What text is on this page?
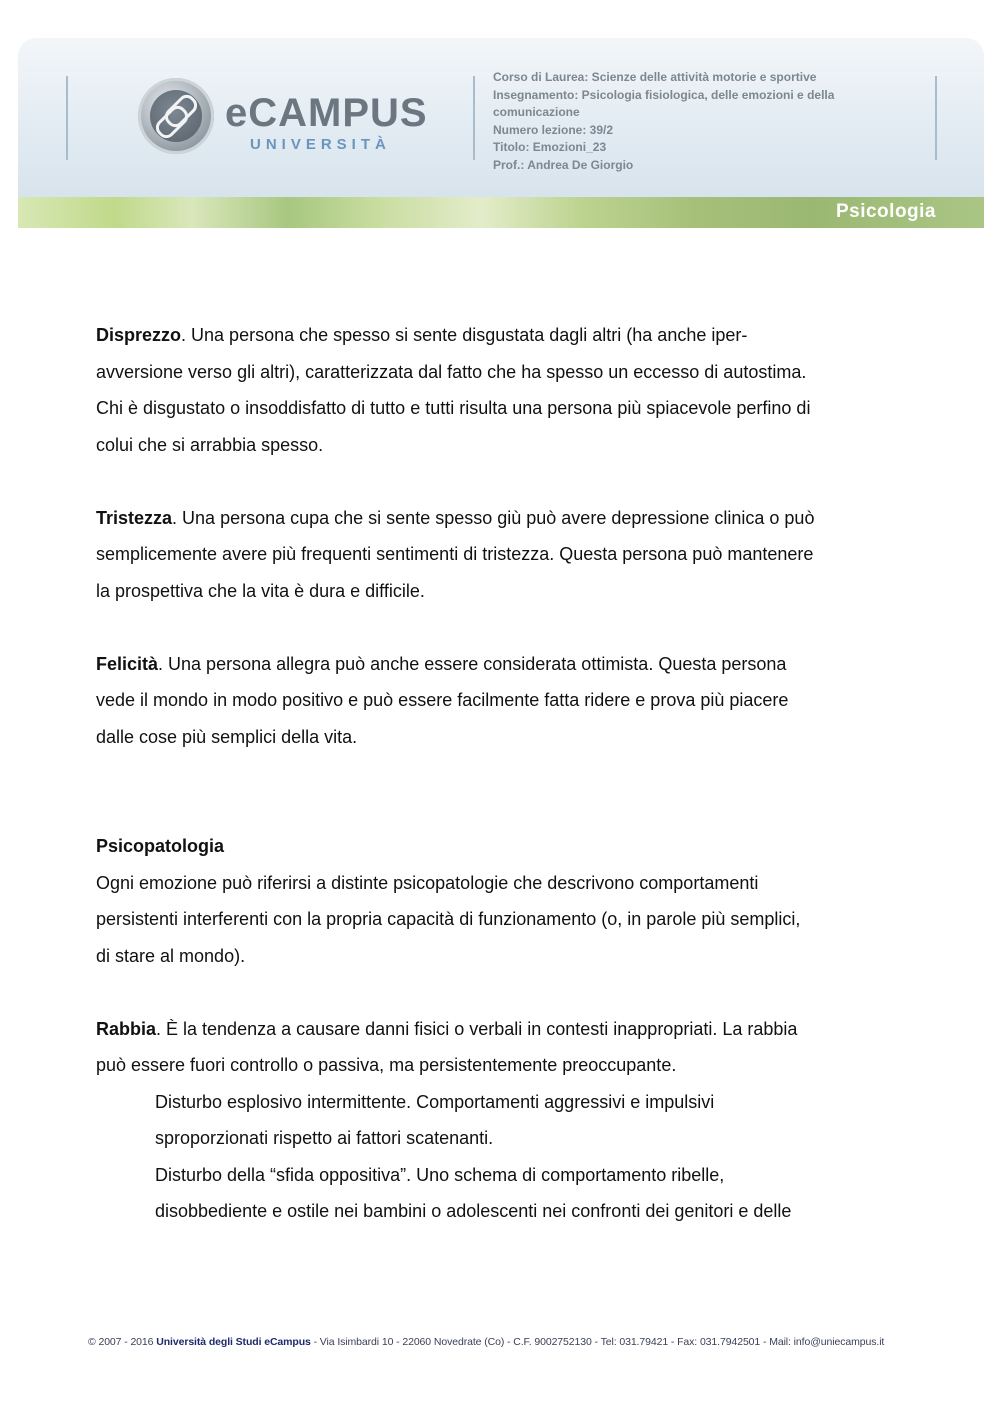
eCAMPUS
UNIVERSITÀ
Corso di Laurea: Scienze delle attività motorie e sportive
Insegnamento: Psicologia fisiologica, delle emozioni e della
comunicazione
Numero lezione: 39/2
Titolo: Emozioni_23
Prof.: Andrea De Giorgio
Psicologia

Disprezzo. Una persona che spesso si sente disgustata dagli altri (ha anche iper-
avversione verso gli altri), caratterizzata dal fatto che ha spesso un eccesso di autostima.
Chi è disgustato o insoddisfatto di tutto e tutti risulta una persona più spiacevole perfino di
colui che si arrabbia spesso.

Tristezza. Una persona cupa che si sente spesso giù può avere depressione clinica o può
semplicemente avere più frequenti sentimenti di tristezza. Questa persona può mantenere
la prospettiva che la vita è dura e difficile.

Felicità. Una persona allegra può anche essere considerata ottimista. Questa persona
vede il mondo in modo positivo e può essere facilmente fatta ridere e prova più piacere
dalle cose più semplici della vita.

Psicopatologia
Ogni emozione può riferirsi a distinte psicopatologie che descrivono comportamenti
persistenti interferenti con la propria capacità di funzionamento (o, in parole più semplici,
di stare al mondo).

Rabbia. È la tendenza a causare danni fisici o verbali in contesti inappropriati. La rabbia
può essere fuori controllo o passiva, ma persistentemente preoccupante.

Disturbo esplosivo intermittente. Comportamenti aggressivi e impulsivi
sproporzionati rispetto ai fattori scatenanti.
Disturbo della “sfida oppositiva”. Uno schema di comportamento ribelle,
disobbediente e ostile nei bambini o adolescenti nei confronti dei genitori e delle
© 2007 - 2016 Università degli Studi eCampus - Via Isimbardi 10 - 22060 Novedrate (Co) - C.F. 9002752130 - Tel: 031.79421 - Fax: 031.7942501 - Mail: info@uniecampus.it
